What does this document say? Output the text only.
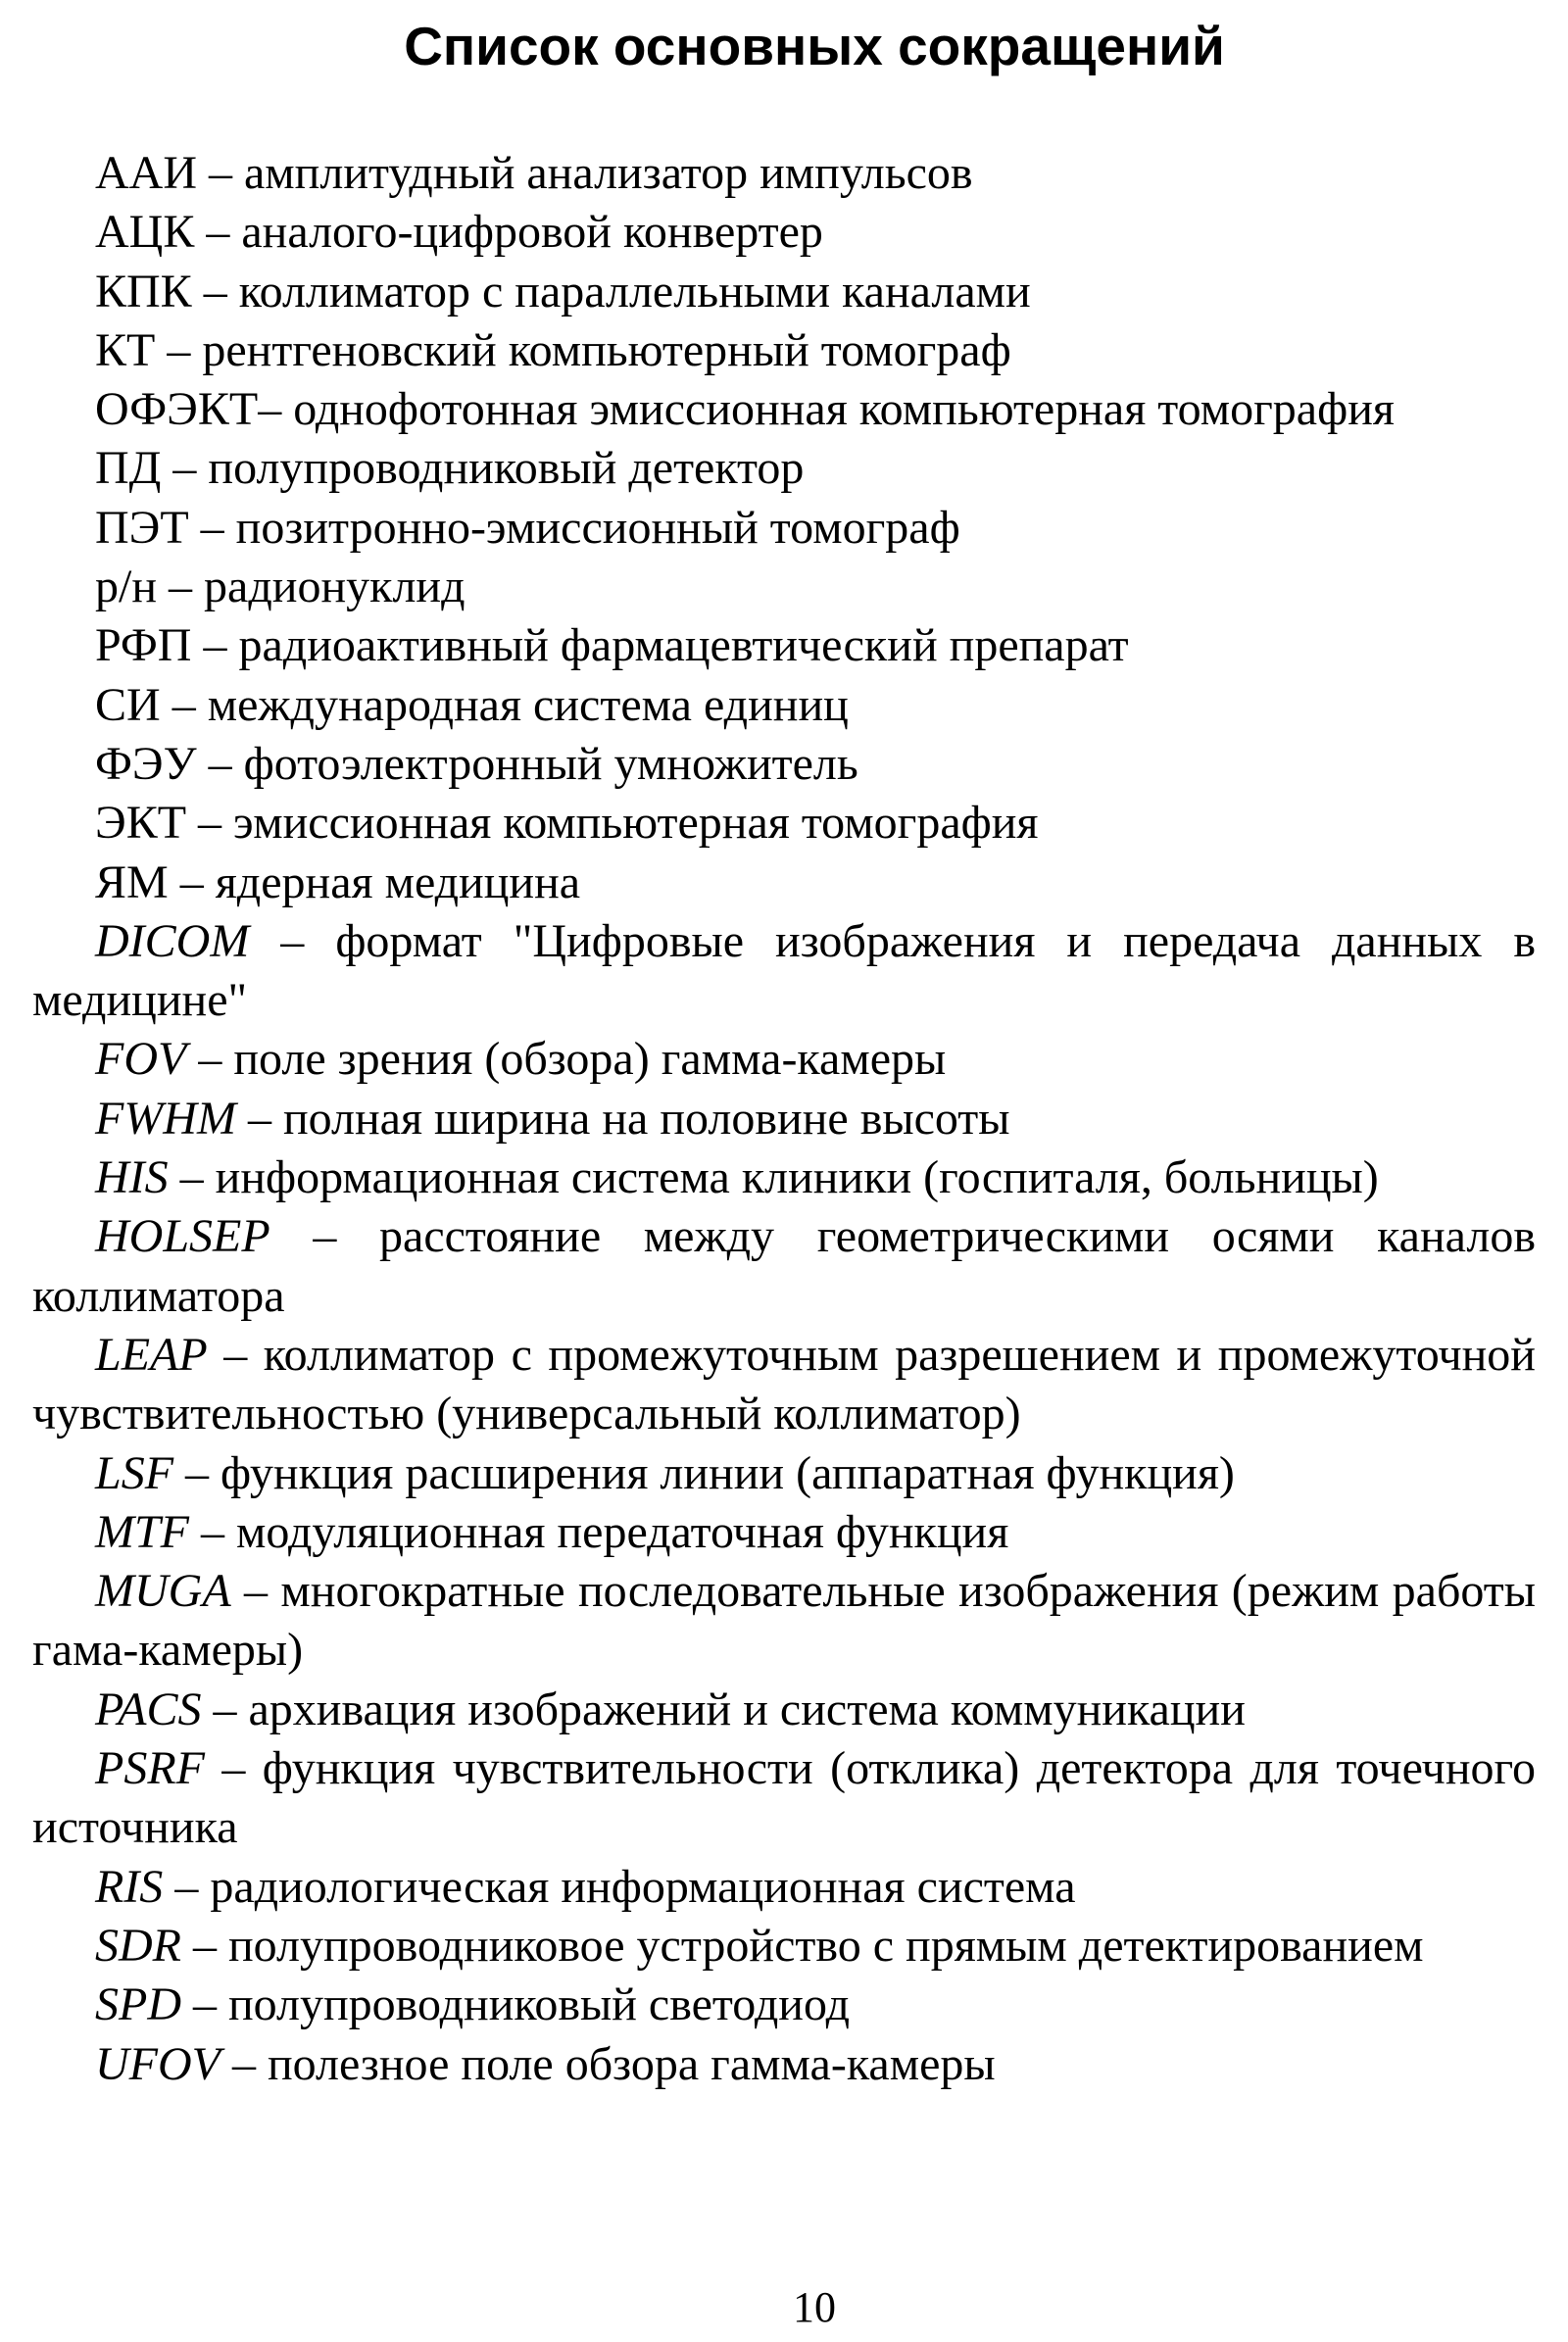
Список основных сокращений

ААИ – амплитудный анализатор импульсов

АЦК – аналого-цифровой конвертер

КПК – коллиматор с параллельными каналами

КТ – рентгеновский компьютерный томограф

ОФЭКТ– однофотонная эмиссионная компьютерная томография

ПД – полупроводниковый детектор

ПЭТ – позитронно-эмиссионный томограф

р/н – радионуклид

РФП – радиоактивный фармацевтический препарат

СИ – международная система единиц

ФЭУ – фотоэлектронный умножитель

ЭКТ – эмиссионная компьютерная томография

ЯМ – ядерная медицина

DICOM – формат "Цифровые изображения и передача данных в медицине"

FOV – поле зрения (обзора) гамма-камеры

FWHM – полная ширина на половине высоты

HIS – информационная система клиники (госпиталя, больницы)

HOLSEP – расстояние между геометрическими осями каналов коллиматора

LEAP – коллиматор с промежуточным разрешением и промежуточной чувствительностью (универсальный коллиматор)

LSF – функция расширения линии (аппаратная функция)

MTF – модуляционная передаточная функция

MUGA – многократные последовательные изображения (режим работы гама-камеры)

PACS – архивация изображений и система коммуникации

PSRF – функция чувствительности (отклика) детектора для точечного источника

RIS – радиологическая информационная система

SDR – полупроводниковое устройство с прямым детектированием

SPD – полупроводниковый светодиод

UFOV – полезное поле обзора гамма-камеры

10
